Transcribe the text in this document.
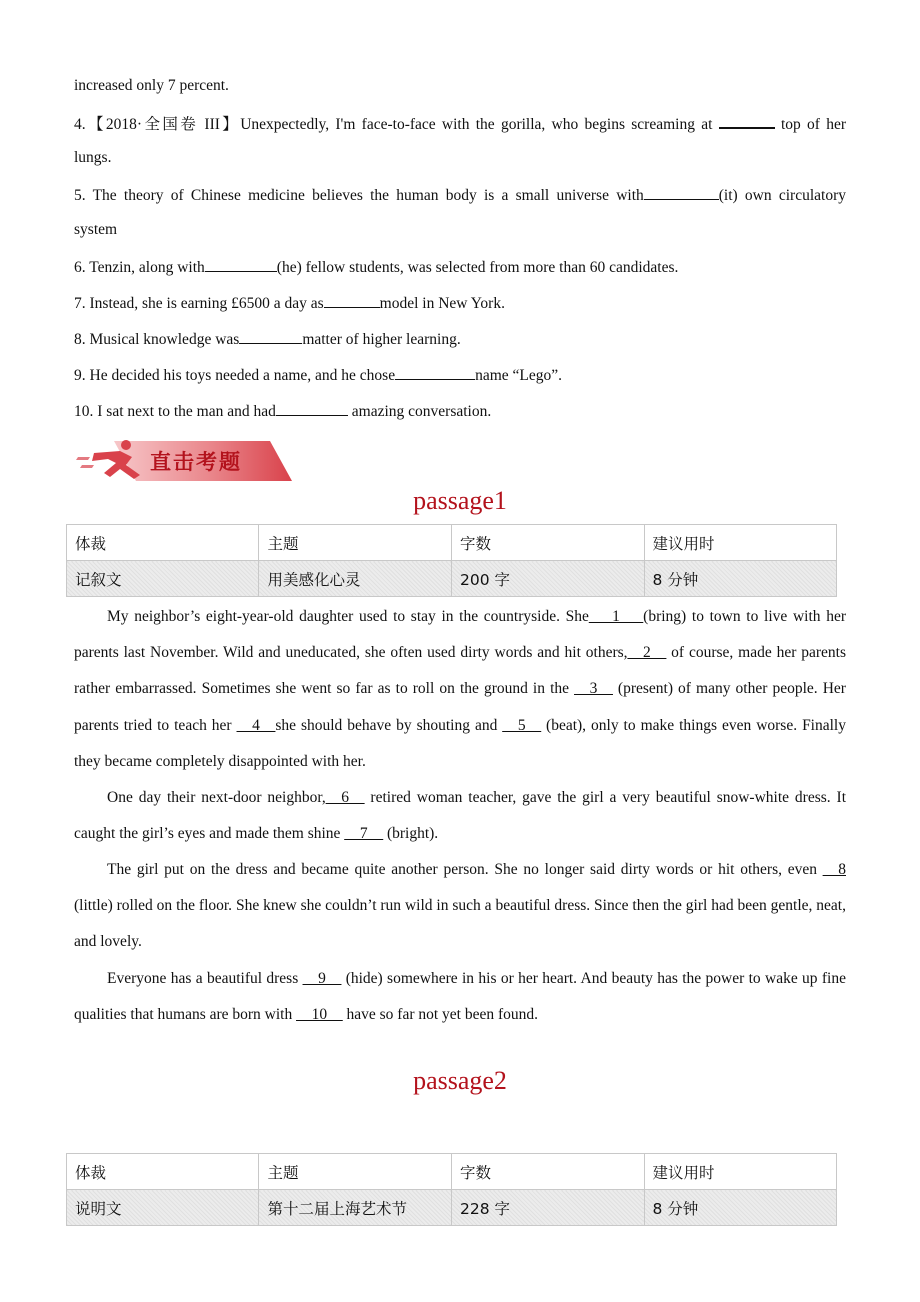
increased only 7 percent.
4.【2018·全国卷 III】Unexpectedly, I'm face-to-face with the gorilla, who begins screaming at	top of her
lungs.
5. The theory of Chinese medicine believes the human body is a small universe with	(it) own circulatory
system
6. Tenzin, along with	(he) fellow students, was selected from more than 60 candidates.
7. Instead, she is earning £6500 a day as	model in New York.
8. Musical knowledge was	matter of higher learning.
9. He decided his toys needed a name, and he chose	name “Lego”.
10. I sat next to the man and had	amazing conversation.
直击考题
passage1
体裁	主题	字数	建议用时
记叙文	用美感化心灵	200 字	8 分钟
My neighbor’s eight-year-old daughter used to stay in the countryside. She___1___(bring) to town to live with her parents last November. Wild and uneducated, she often used dirty words and hit others,__2__ of course, made her parents rather embarrassed. Sometimes she went so far as to roll on the ground in the __3__ (present) of many other people. Her parents tried to teach her __4__she should behave by shouting and __5__ (beat), only to make things even worse. Finally they became completely disappointed with her.
One day their next-door neighbor,__6__ retired woman teacher, gave the girl a very beautiful snow-white dress. It caught the girl’s eyes and made them shine __7__ (bright).
The girl put on the dress and became quite another person. She no longer said dirty words or hit others, even __8 (little) rolled on the floor. She knew she couldn’t run wild in such a beautiful dress. Since then the girl had been gentle, neat, and lovely.
Everyone has a beautiful dress __9__ (hide) somewhere in his or her heart. And beauty has the power to wake up fine qualities that humans are born with __10__ have so far not yet been found.
passage2
体裁	主题	字数	建议用时
说明文	第十二届上海艺术节	228 字	8 分钟
